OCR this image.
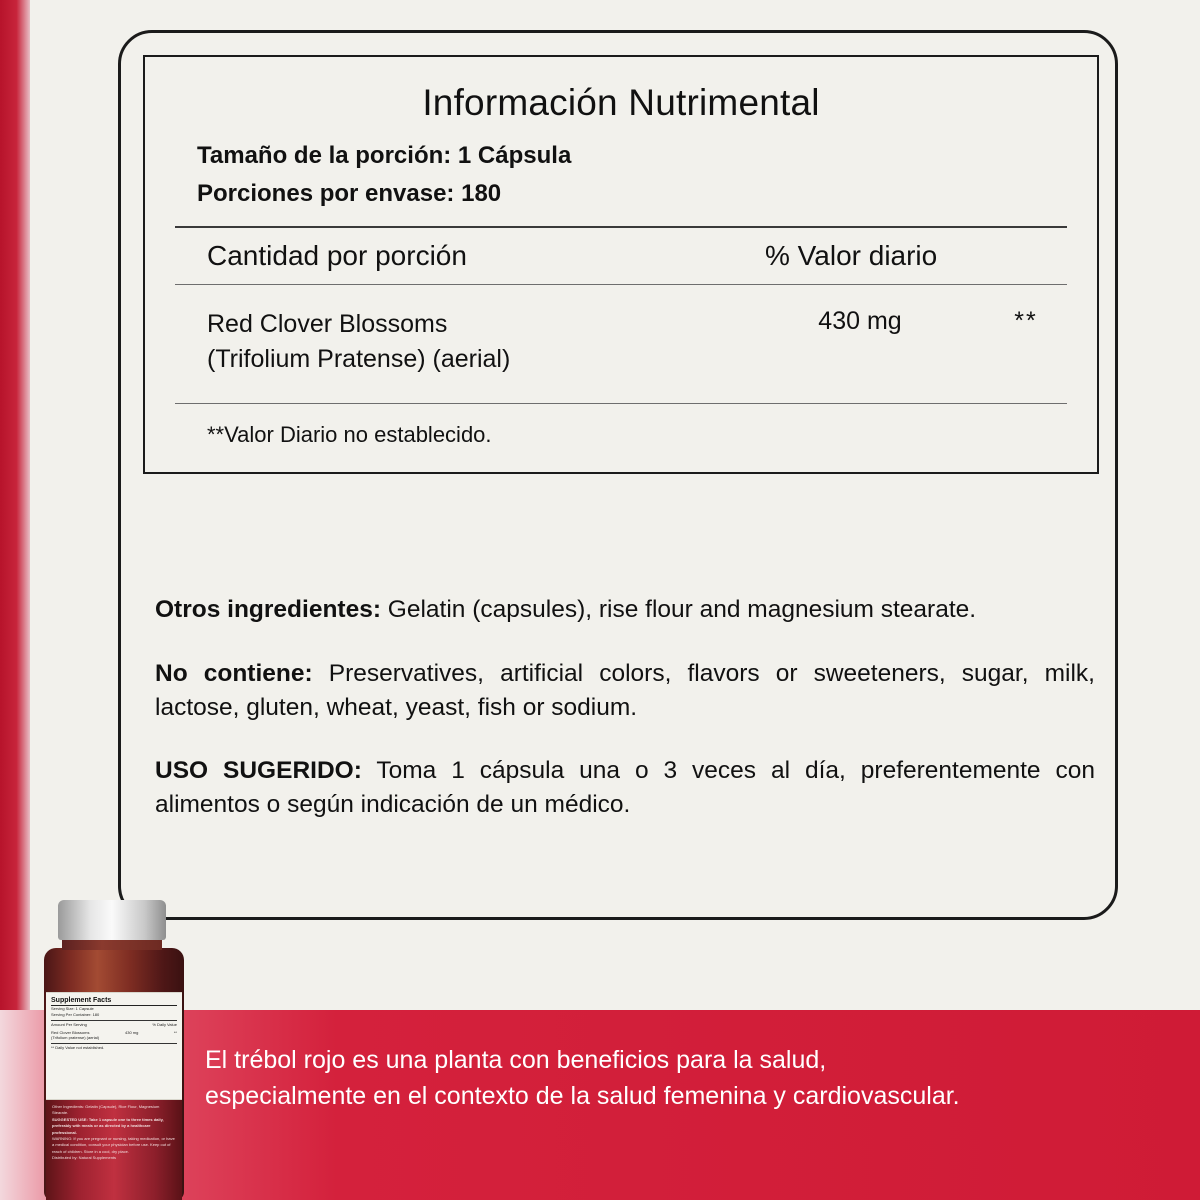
Información Nutrimental
Tamaño de la porción: 1 Cápsula
Porciones por envase: 180
Cantidad por porción	% Valor diario
Red Clover Blossoms
(Trifolium Pratense) (aerial)
430 mg	**
**Valor Diario no establecido.

Otros ingredientes: Gelatin (capsules), rise flour and magnesium stearate.

No contiene: Preservatives, artificial colors, flavors or sweeteners, sugar, milk, lactose, gluten, wheat, yeast, fish or sodium.

USO SUGERIDO: Toma 1 cápsula una o 3 veces al día, preferentemente con alimentos o según indicación de un médico.

El trébol rojo es una planta con beneficios para la salud,
especialmente en el contexto de la salud femenina y cardiovascular.
Supplement Facts
Serving Size: 1 Capsule
Serving Per Container: 180
Amount Per Serving	% Daily Value
Red Clover Blossoms	430 mg	**
(Trifolium pratense) (aerial)
** Daily Value not established.
Other Ingredients: Gelatin (Capsule), Rice Flour, Magnesium Stearate.
SUGGESTED USE: Take 1 capsule one to three times daily, preferably with meals or as directed by a healthcare professional.
WARNING: If you are pregnant or nursing, taking medication, or have a medical condition, consult your physician before use. Keep out of reach of children. Store in a cool, dry place.
Distributed by: Natural Supplements
